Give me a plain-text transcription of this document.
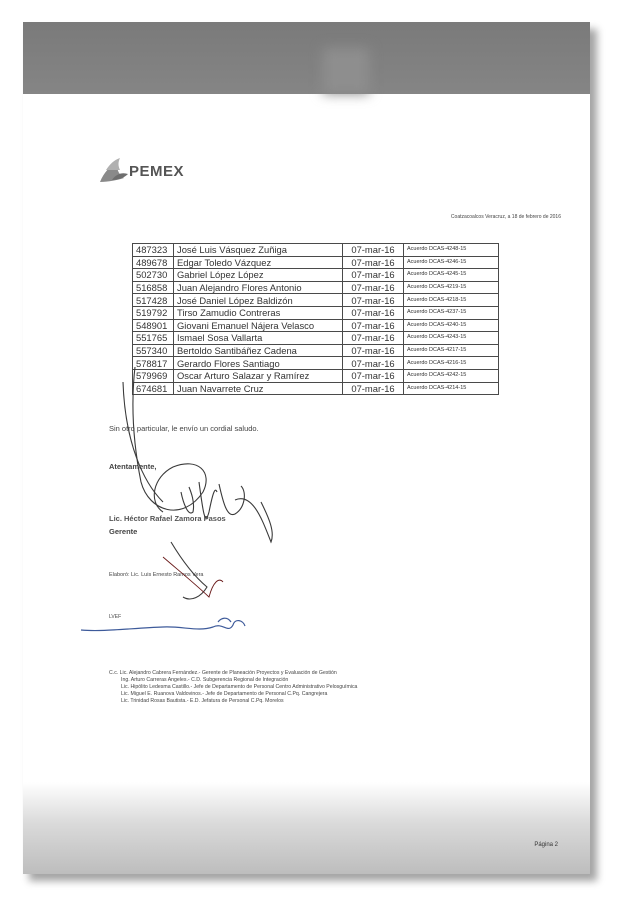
PEMEX
Coatzacoalcos Veracruz, a 18 de febrero de 2016
487323	José Luis Vásquez Zuñiga	07-mar-16	Acuerdo DCAS-4248-15
489678	Edgar Toledo Vázquez	07-mar-16	Acuerdo DCAS-4246-15
502730	Gabriel López López	07-mar-16	Acuerdo DCAS-4245-15
516858	Juan Alejandro Flores Antonio	07-mar-16	Acuerdo DCAS-4219-15
517428	José Daniel López Baldizón	07-mar-16	Acuerdo DCAS-4218-15
519792	Tirso Zamudio Contreras	07-mar-16	Acuerdo DCAS-4237-15
548901	Giovani Emanuel Nájera Velasco	07-mar-16	Acuerdo DCAS-4240-15
551765	Ismael Sosa Vallarta	07-mar-16	Acuerdo DCAS-4243-15
557340	Bertoldo Santibáñez Cadena	07-mar-16	Acuerdo DCAS-4217-15
578817	Gerardo Flores Santiago	07-mar-16	Acuerdo DCAS-4216-15
579969	Oscar Arturo Salazar y Ramírez	07-mar-16	Acuerdo DCAS-4242-15
674681	Juan Navarrete Cruz	07-mar-16	Acuerdo DCAS-4214-15
Sin otro particular, le envío un cordial saludo.
Atentamente,
Lic. Héctor Rafael Zamora Pasos
Gerente
Elaboró: Lic. Luis Ernesto Ramos Vera
LVEF
C.c. Lic. Alejandro Cabrera Fernández.- Gerente de Planeación Proyectos y Evaluación de Gestión
Ing. Arturo Carreras Angeles.- C.D. Subgerencia Regional de Integración
Lic. Hipólito Ledesma Castillo.- Jefe de Departamento de Personal Centro Administrativo Pelosguímica
Lic. Miguel E. Ruanova Valdovinos.- Jefe de Departamento de Personal C.Pq. Cangrejera
Lic. Trinidad Rosas Bautista.- E.D. Jefatura de Personal C.Pq. Morelos
Página 2
